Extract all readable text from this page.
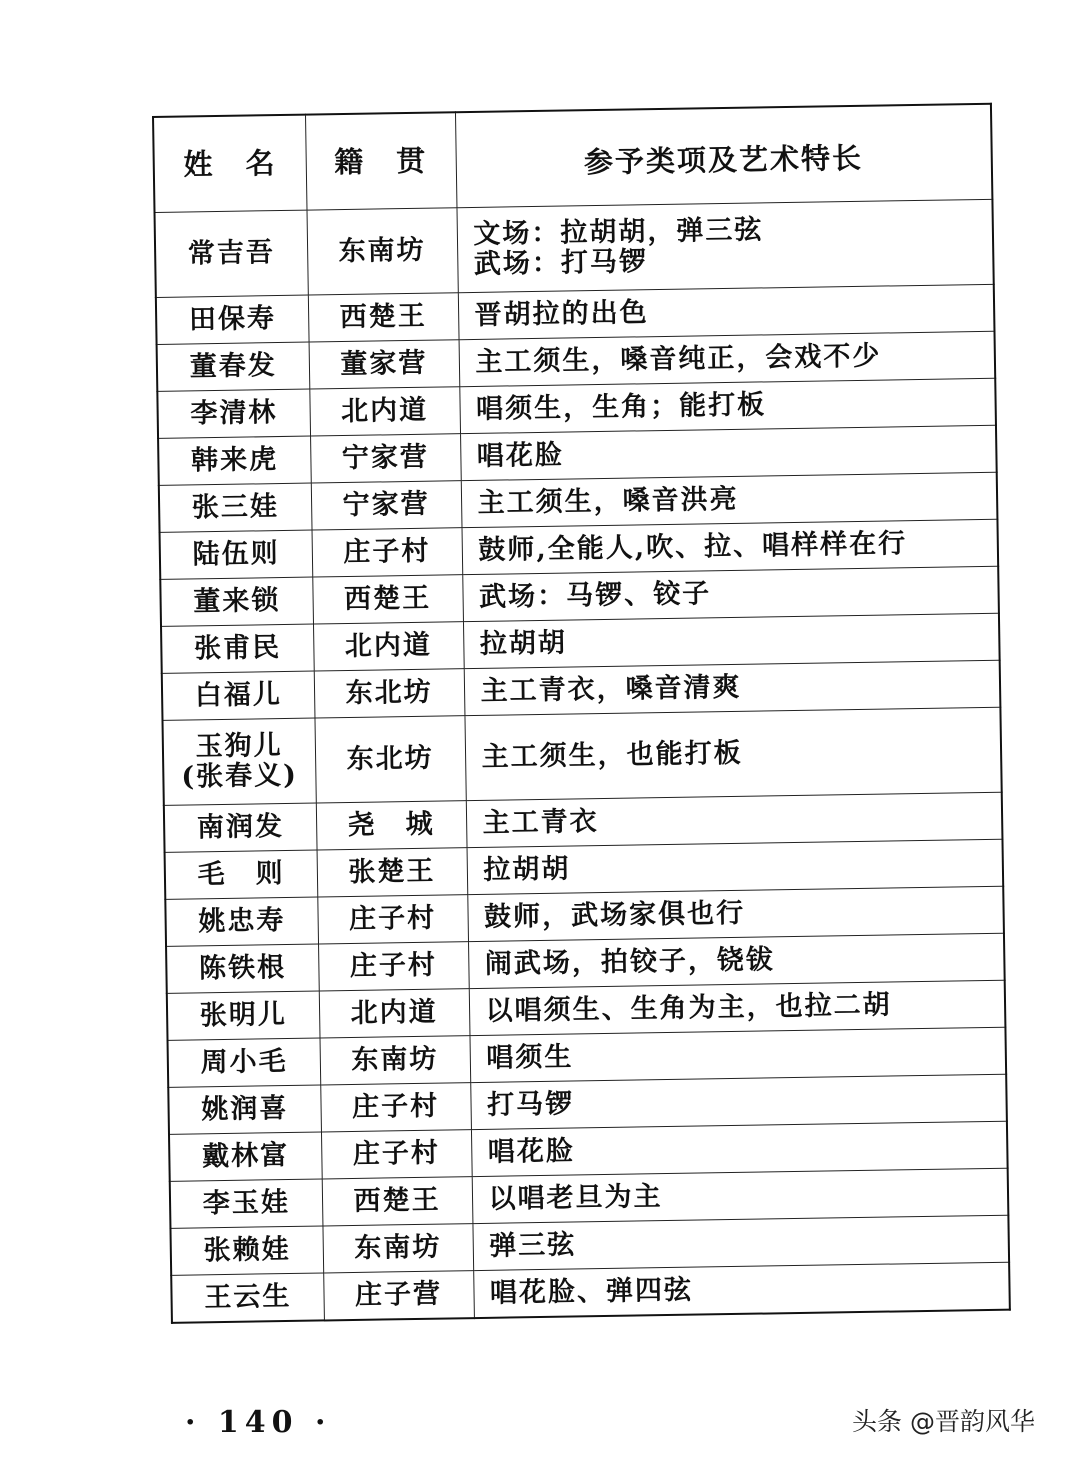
姓　名	籍　贯	参予类项及艺术特长

常吉吾	东南坊	文场：拉胡胡，弹三弦
武场：打马锣

田保寿	西楚王	晋胡拉的出色

董春发	董家营	主工须生，嗓音纯正，会戏不少

李清林	北内道	唱须生，生角；能打板

韩来虎	宁家营	唱花脸

张三娃	宁家营	主工须生，嗓音洪亮

陆伍则	庄子村	鼓师,全能人,吹、拉、唱样样在行

董来锁	西楚王	武场：马锣、铰子

张甫民	北内道	拉胡胡

白福儿	东北坊	主工青衣，嗓音清爽

玉狗儿
(张春义)	东北坊	主工须生，也能打板

南润发	尧　城	主工青衣

毛　则	张楚王	拉胡胡

姚忠寿	庄子村	鼓师，武场家俱也行

陈铁根	庄子村	闹武场，拍铰子，铙钹

张明儿	北内道	以唱须生、生角为主，也拉二胡

周小毛	东南坊	唱须生

姚润喜	庄子村	打马锣

戴林富	庄子村	唱花脸

李玉娃	西楚王	以唱老旦为主

张赖娃	东南坊	弹三弦

王云生	庄子营	唱花脸、弹四弦
· 140 ·	头条 @晋韵风华
